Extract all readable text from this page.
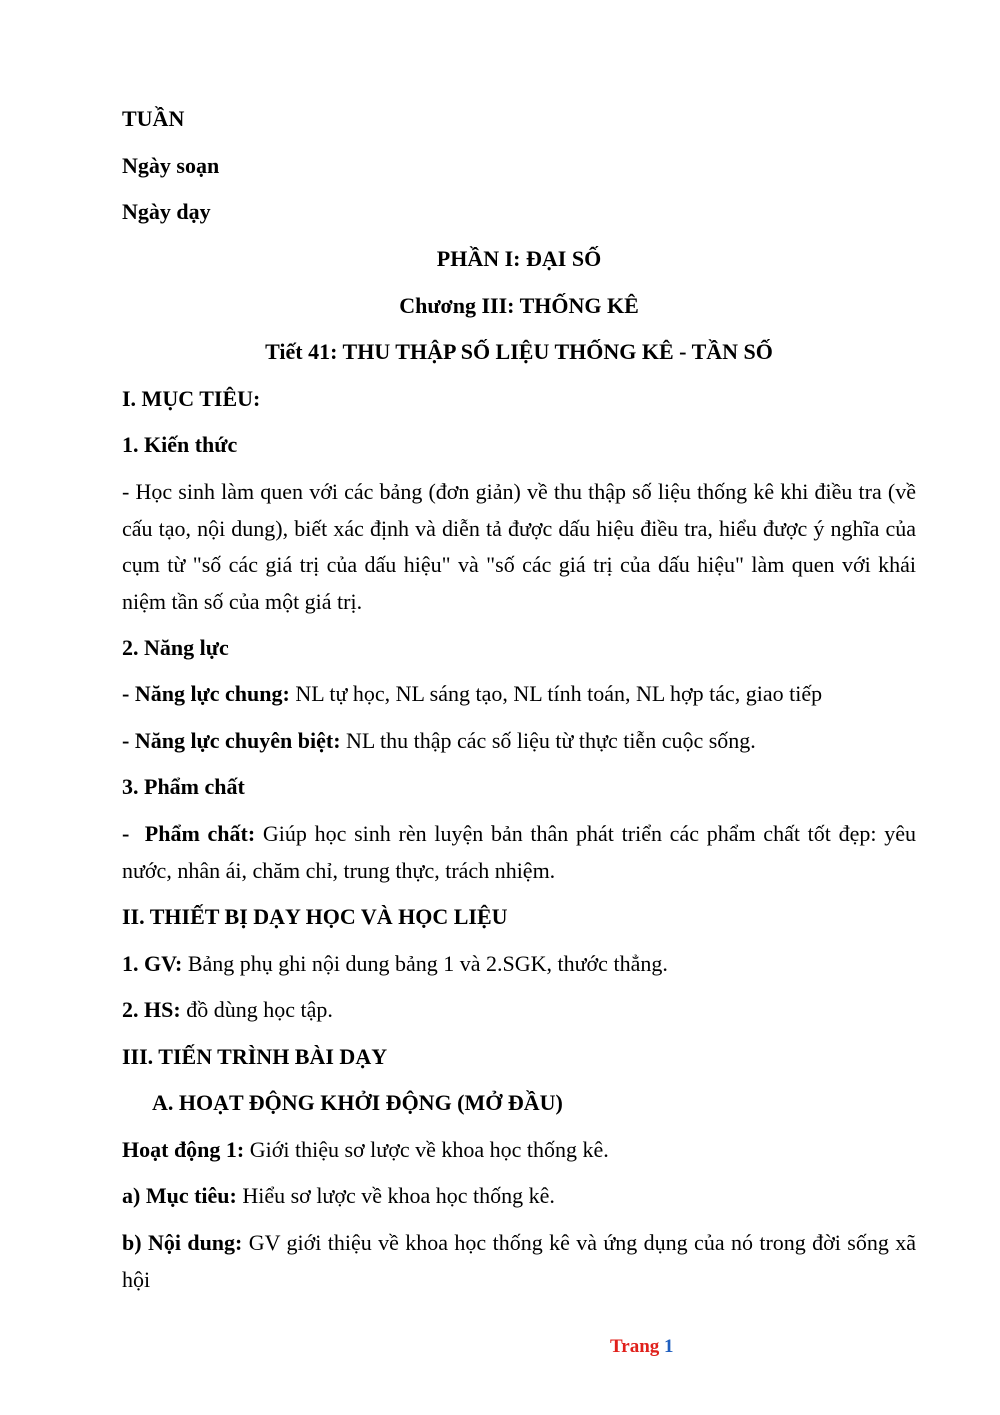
TUẦN
Ngày soạn
Ngày dạy
PHẦN I: ĐẠI SỐ
Chương III: THỐNG KÊ
Tiết 41: THU THẬP SỐ LIỆU THỐNG KÊ - TẦN SỐ
I. MỤC TIÊU:
1. Kiến thức
- Học sinh làm quen với các bảng (đơn giản) về thu thập số liệu thống kê khi điều tra (về cấu tạo, nội dung), biết xác định và diễn tả được dấu hiệu điều tra, hiểu được ý nghĩa của cụm từ "số các giá trị của dấu hiệu" và "số các giá trị của dấu hiệu" làm quen với khái niệm tần số của một giá trị.
2. Năng lực
- Năng lực chung: NL tự học, NL sáng tạo, NL tính toán, NL hợp tác, giao tiếp
- Năng lực chuyên biệt: NL thu thập các số liệu từ thực tiễn cuộc sống.
3. Phẩm chất
-  Phẩm chất: Giúp học sinh rèn luyện bản thân phát triển các phẩm chất tốt đẹp: yêu nước, nhân ái, chăm chỉ, trung thực, trách nhiệm.
II. THIẾT BỊ DẠY HỌC VÀ HỌC LIỆU
1. GV: Bảng phụ ghi nội dung bảng 1 và 2.SGK, thước thẳng.
2. HS: đồ dùng học tập.
III. TIẾN TRÌNH BÀI DẠY
A. HOẠT ĐỘNG KHỞI ĐỘNG (MỞ ĐẦU)
Hoạt động 1: Giới thiệu sơ lược về khoa học thống kê.
a) Mục tiêu: Hiểu sơ lược về khoa học thống kê.
b) Nội dung: GV giới thiệu về khoa học thống kê và ứng dụng của nó trong đời sống xã hội
Trang 1
